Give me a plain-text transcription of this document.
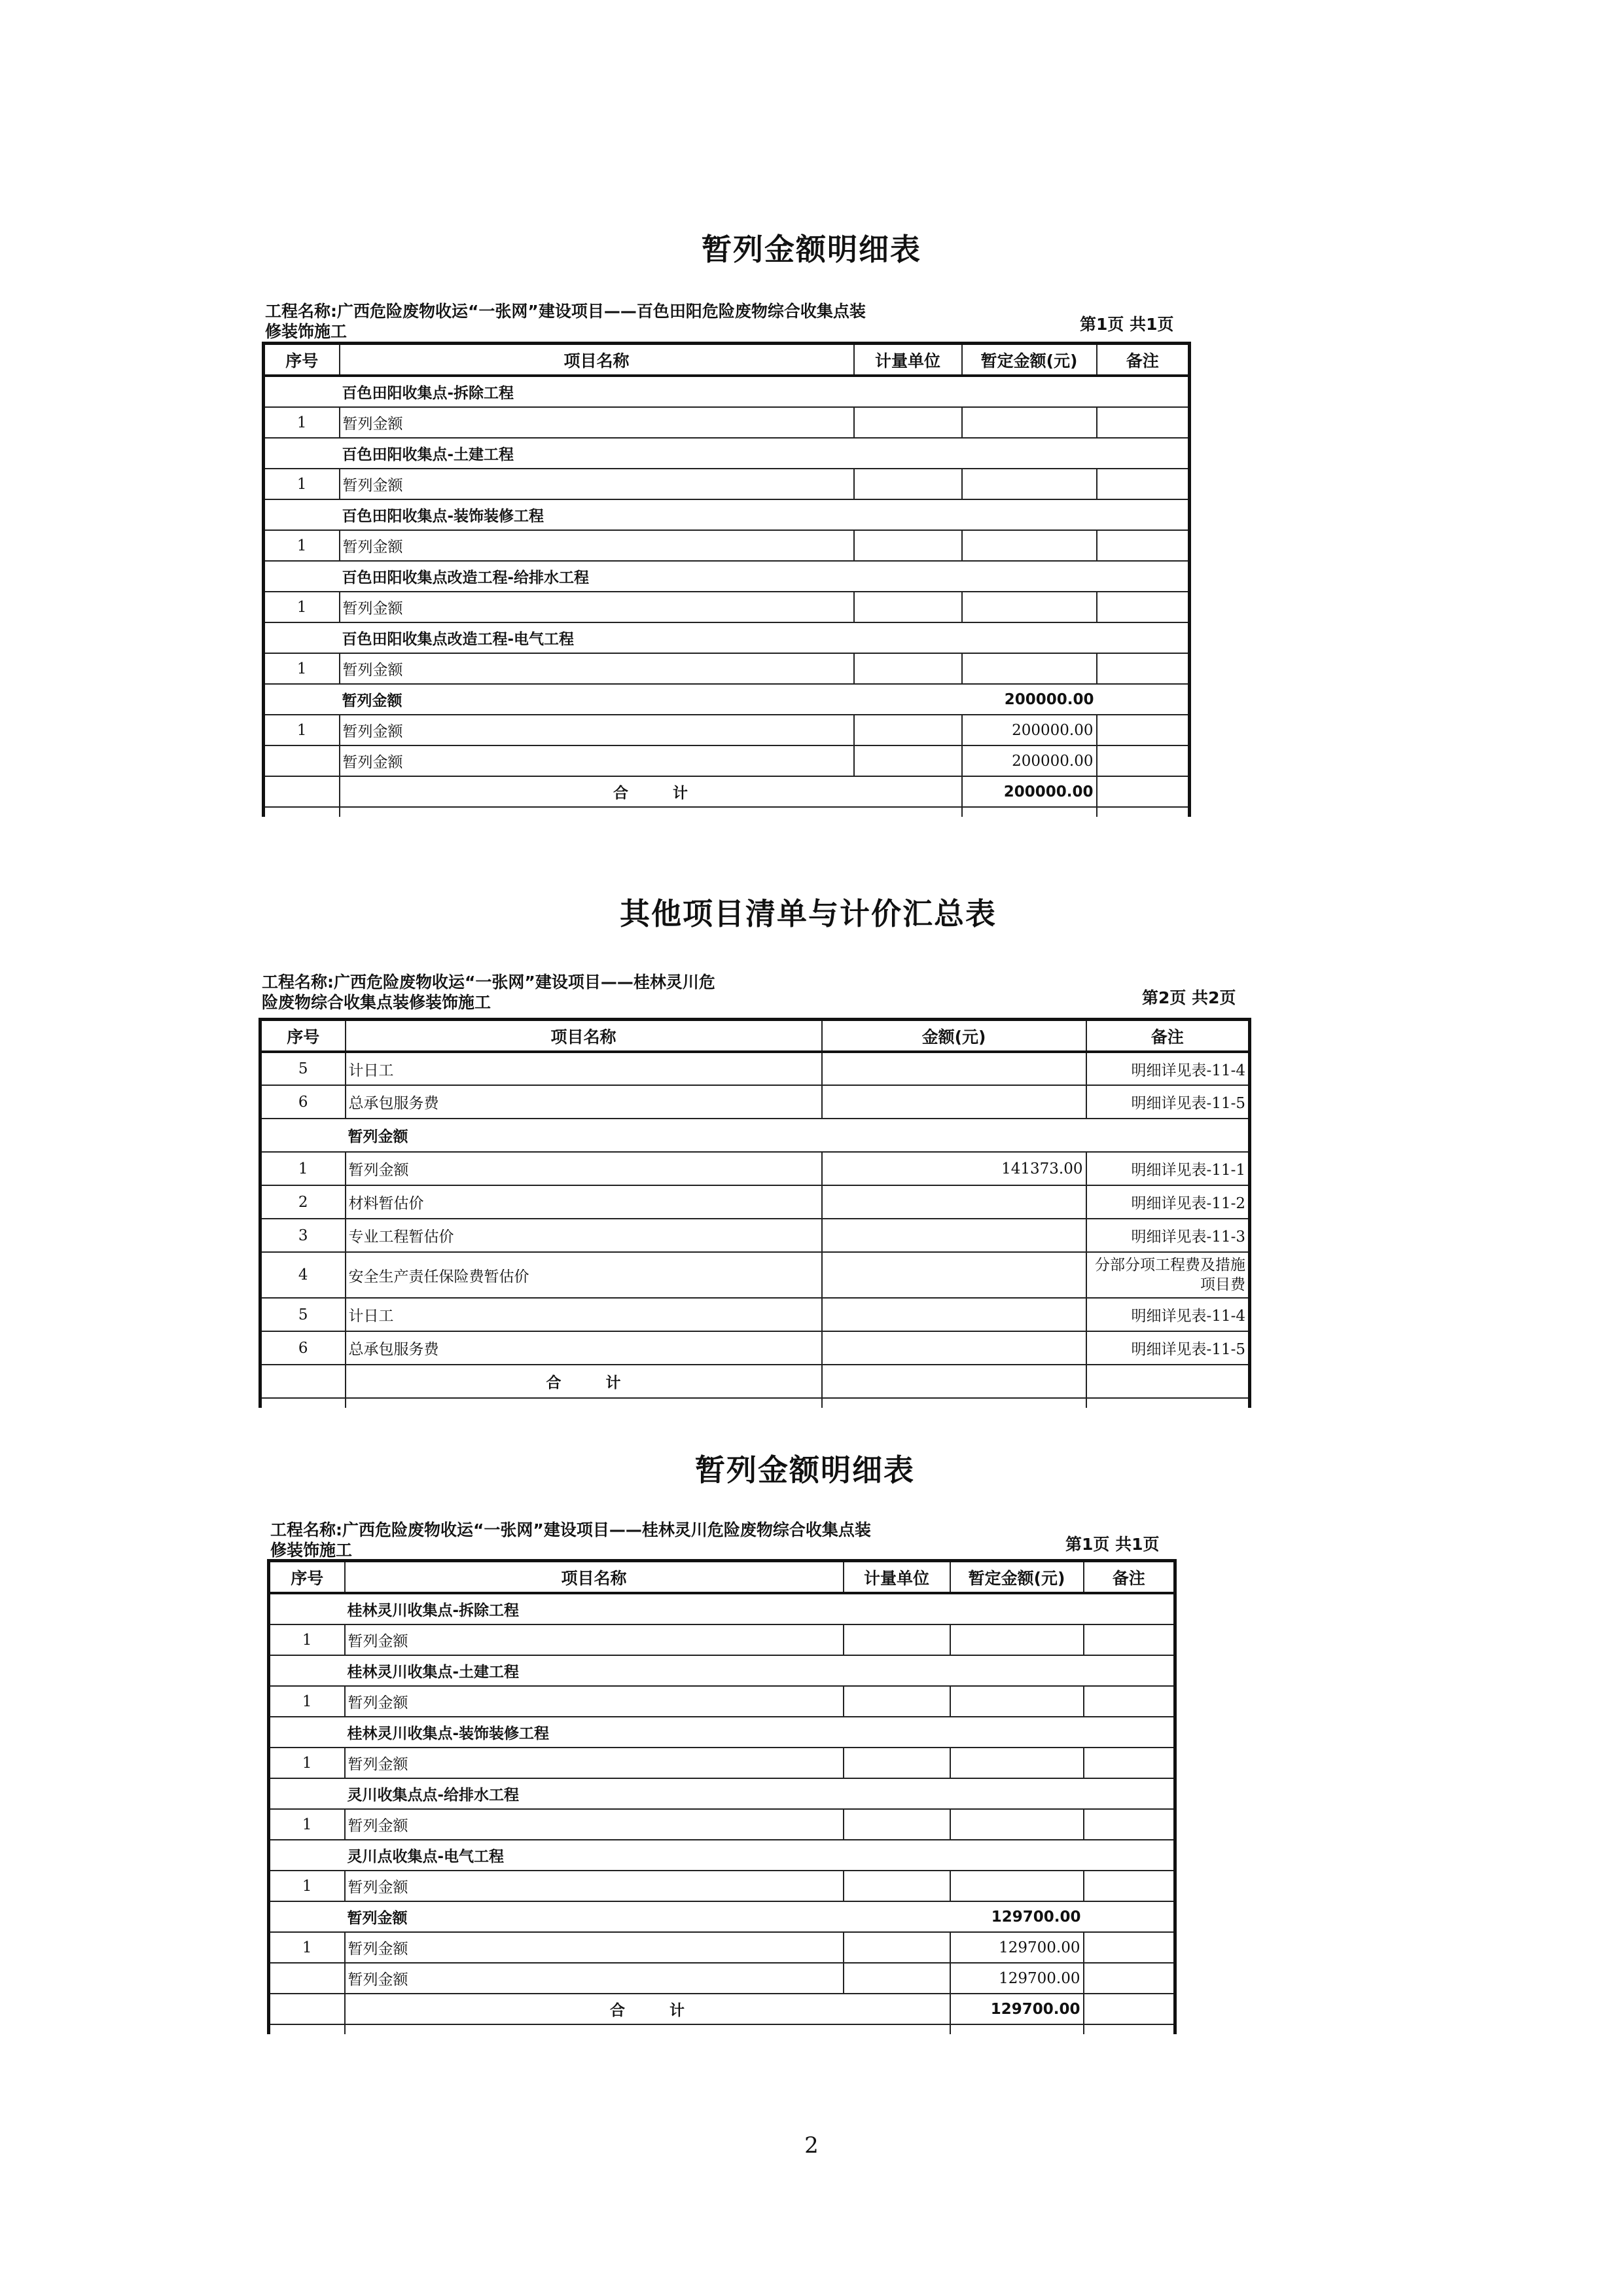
暂列金额明细表
工程名称:广西危险废物收运“一张网”建设项目——百色田阳危险废物综合收集点装
修装饰施工	第1页 共1页
序号	项目名称	计量单位	暂定金额(元)	备注
	百色田阳收集点-拆除工程			
1	暂列金额			
	百色田阳收集点-土建工程			
1	暂列金额			
	百色田阳收集点-装饰装修工程			
1	暂列金额			
	百色田阳收集点改造工程-给排水工程			
1	暂列金额			
	百色田阳收集点改造工程-电气工程			
1	暂列金额			
	暂列金额		200000.00	
1	暂列金额		200000.00	
	暂列金额		200000.00	
	合 计		200000.00	

其他项目清单与计价汇总表
工程名称:广西危险废物收运“一张网”建设项目——桂林灵川危
险废物综合收集点装修装饰施工	第2页 共2页
序号	项目名称	金额(元)	备注
5	计日工		明细详见表-11-4
6	总承包服务费		明细详见表-11-5
	暂列金额		
1	暂列金额	141373.00	明细详见表-11-1
2	材料暂估价		明细详见表-11-2
3	专业工程暂估价		明细详见表-11-3
4	安全生产责任保险费暂估价		分部分项工程费及措施项目费
5	计日工		明细详见表-11-4
6	总承包服务费		明细详见表-11-5
	合 计		

暂列金额明细表
工程名称:广西危险废物收运“一张网”建设项目——桂林灵川危险废物综合收集点装
修装饰施工	第1页 共1页
序号	项目名称	计量单位	暂定金额(元)	备注
	桂林灵川收集点-拆除工程			
1	暂列金额			
	桂林灵川收集点-土建工程			
1	暂列金额			
	桂林灵川收集点-装饰装修工程			
1	暂列金额			
	灵川收集点点-给排水工程			
1	暂列金额			
	灵川点收集点-电气工程			
1	暂列金额			
	暂列金额		129700.00	
1	暂列金额		129700.00	
	暂列金额		129700.00	
	合 计		129700.00	

2
